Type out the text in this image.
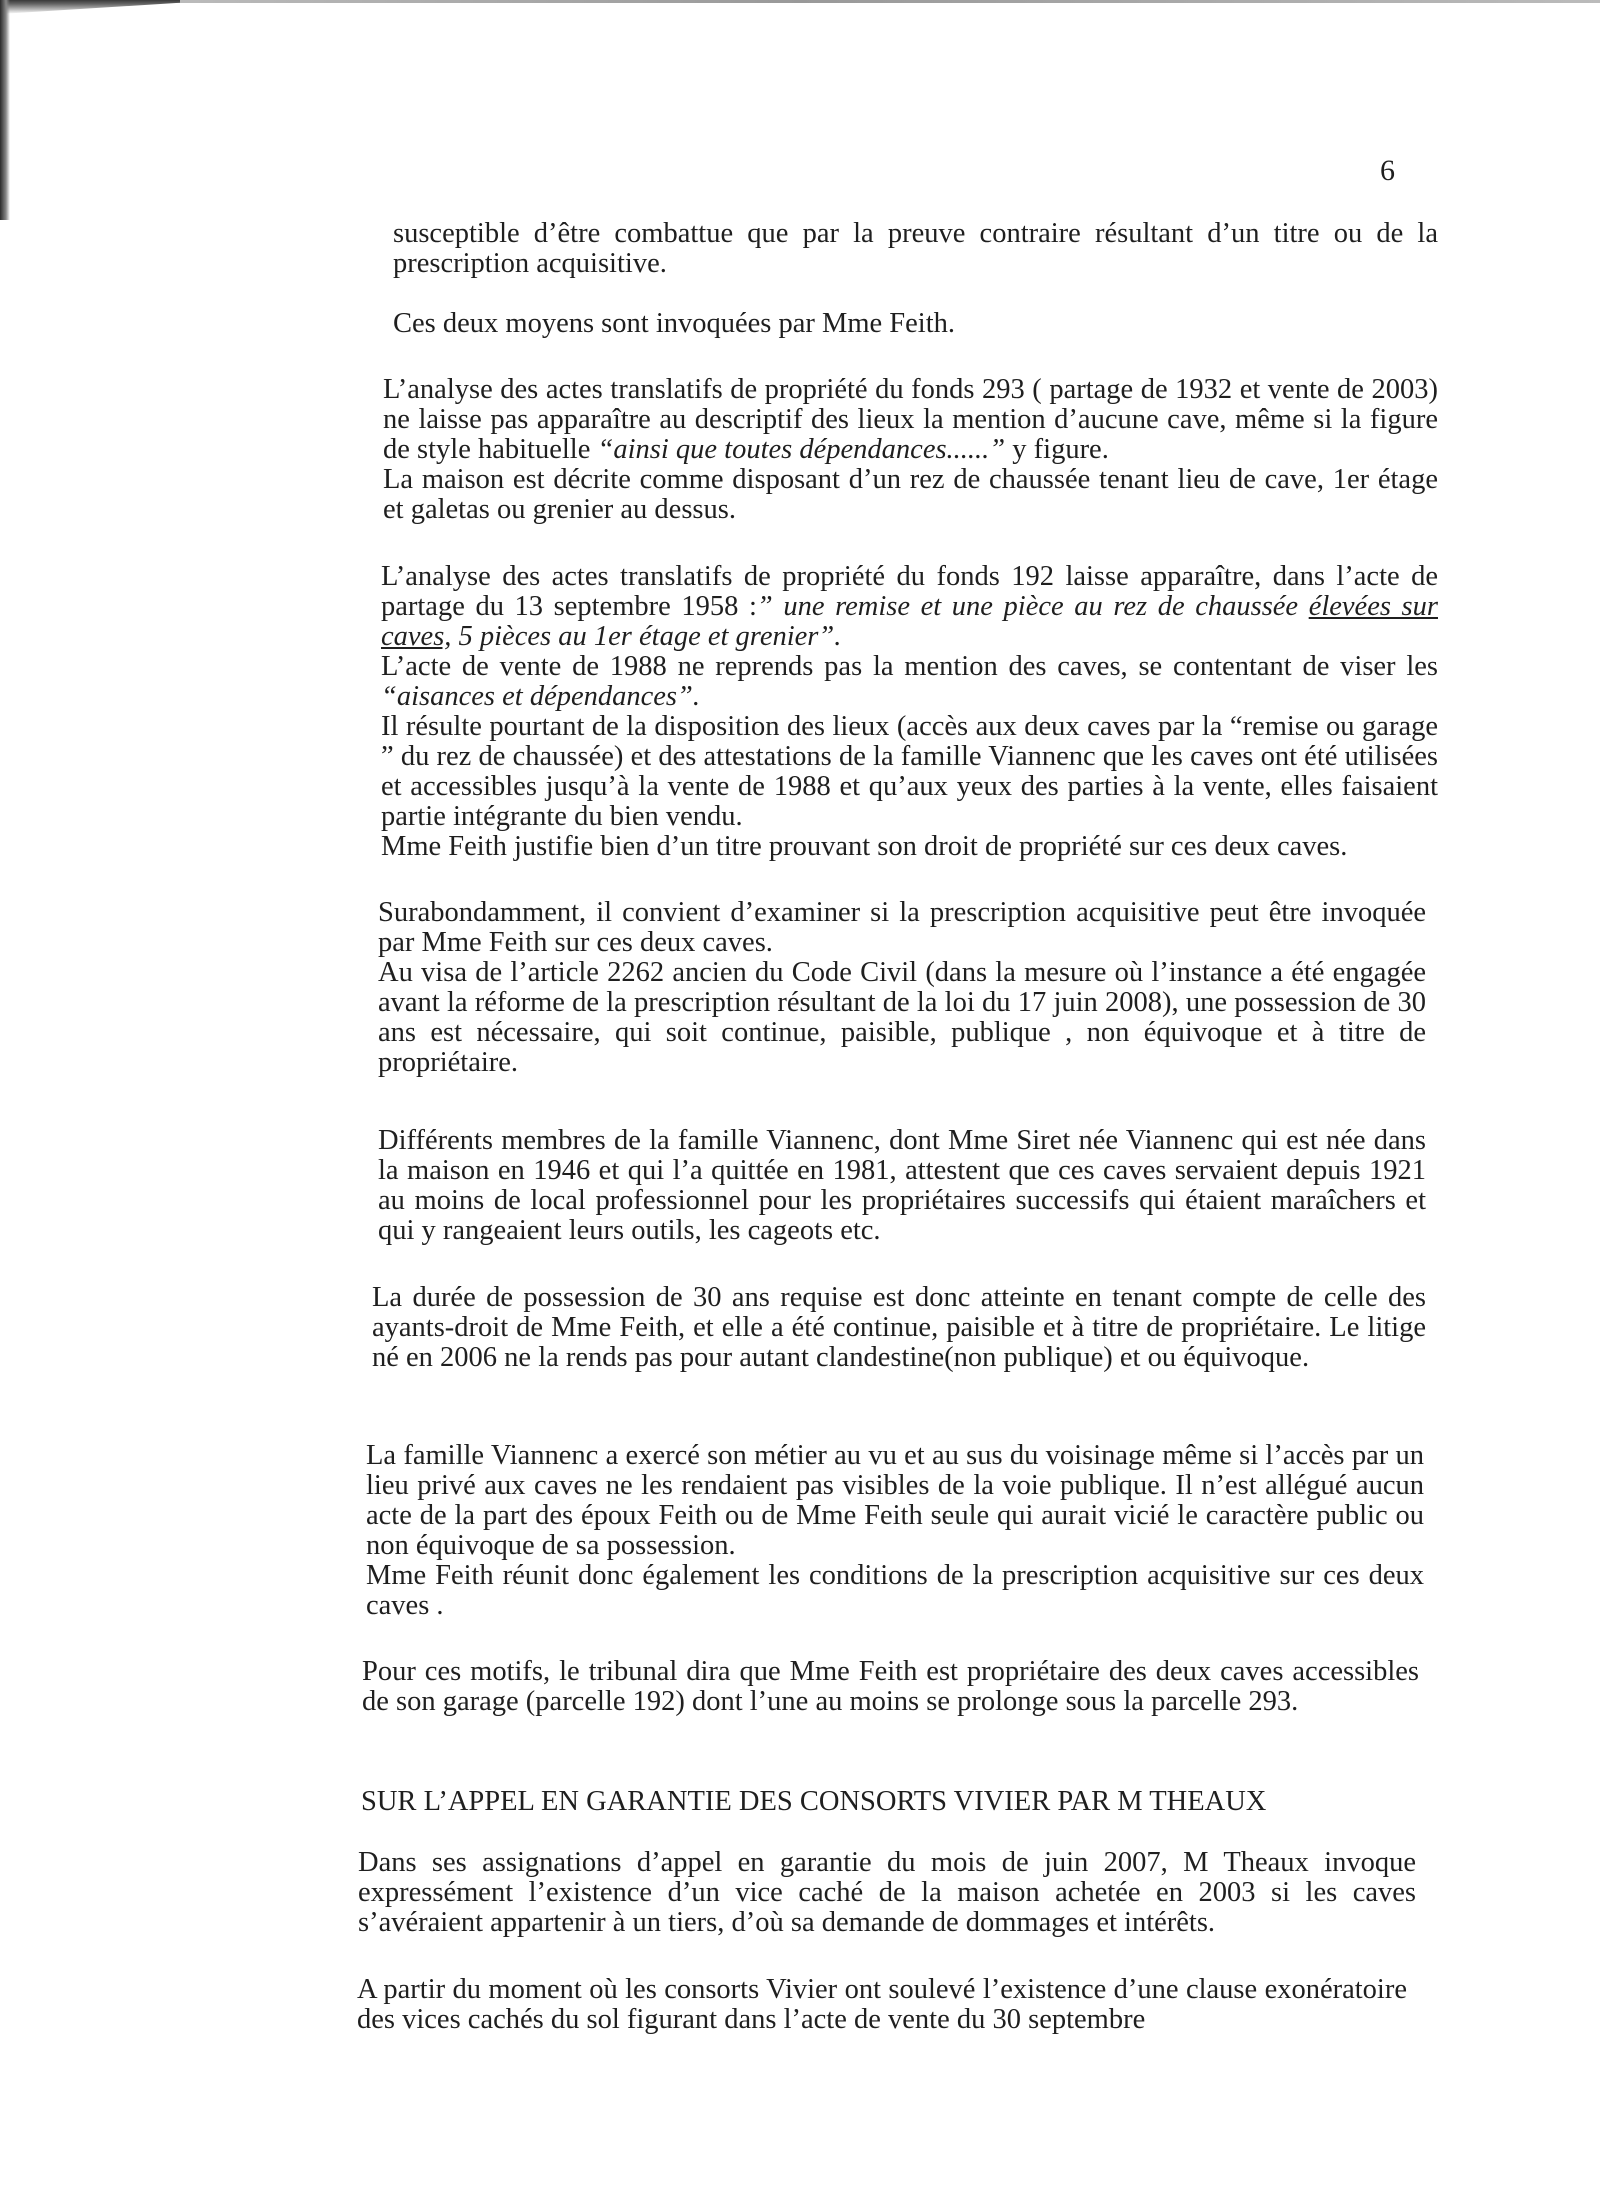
6

susceptible d’être combattue que par la preuve contraire résultant d’un titre ou de la prescription acquisitive.

Ces deux moyens sont invoquées par Mme Feith.

L’analyse des actes translatifs de propriété du fonds 293 ( partage de 1932 et vente de 2003) ne laisse pas apparaître au descriptif des lieux la mention d’aucune cave, même si la figure de style habituelle “ainsi que toutes dépendances......” y figure.

La maison est décrite comme disposant d’un rez de chaussée tenant lieu de cave, 1er étage et galetas ou grenier au dessus.

L’analyse des actes translatifs de propriété du fonds 192 laisse apparaître, dans l’acte de partage du 13 septembre 1958 :” une remise et une pièce au rez de chaussée élevées sur caves, 5 pièces au 1er étage et grenier”.

L’acte de vente de 1988 ne reprends pas la mention des caves, se contentant de viser les “aisances et dépendances”.

Il résulte pourtant de la disposition des lieux (accès aux deux caves par la “remise ou garage ” du rez de chaussée) et des attestations de la famille Viannenc que les caves ont été utilisées et accessibles jusqu’à la vente de 1988 et qu’aux yeux des parties à la vente, elles faisaient partie intégrante du bien vendu.

Mme Feith justifie bien d’un titre prouvant son droit de propriété sur ces deux caves.

Surabondamment, il convient d’examiner si la prescription acquisitive peut être invoquée par Mme Feith sur ces deux caves.

Au visa de l’article 2262 ancien du Code Civil (dans la mesure où l’instance a été engagée avant la réforme de la prescription résultant de la loi du 17 juin 2008), une possession de 30 ans est nécessaire, qui soit continue, paisible, publique , non équivoque et à titre de propriétaire.

Différents membres de la famille Viannenc, dont Mme Siret née Viannenc qui est née dans la maison en 1946 et qui l’a quittée en 1981, attestent que ces caves servaient depuis 1921 au moins de local professionnel pour les propriétaires successifs qui étaient maraîchers et qui y rangeaient leurs outils, les cageots etc.

La durée de possession de 30 ans requise est donc atteinte en tenant compte de celle des ayants-droit de Mme Feith, et elle a été continue, paisible et à titre de propriétaire. Le litige né en 2006 ne la rends pas pour autant clandestine(non publique) et ou équivoque.

La famille Viannenc a exercé son métier au vu et au sus du voisinage même si l’accès par un lieu privé aux caves ne les rendaient pas visibles de la voie publique. Il n’est allégué aucun acte de la part des époux Feith ou de Mme Feith seule qui aurait vicié le caractère public ou non équivoque de sa possession.

Mme Feith réunit donc également les conditions de la prescription acquisitive sur ces deux caves .

Pour ces motifs, le tribunal dira que Mme Feith est propriétaire des deux caves accessibles de son garage (parcelle 192) dont l’une au moins se prolonge sous la parcelle 293.

SUR L’APPEL EN GARANTIE DES CONSORTS VIVIER PAR M THEAUX

Dans ses assignations d’appel en garantie du mois de juin 2007, M Theaux invoque expressément l’existence d’un vice caché de la maison achetée en 2003 si les caves s’avéraient appartenir à un tiers, d’où sa demande de dommages et intérêts.

A partir du moment où les consorts Vivier ont soulevé l’existence d’une clause exonératoire des vices cachés du sol figurant dans l’acte de vente du 30 septembre
